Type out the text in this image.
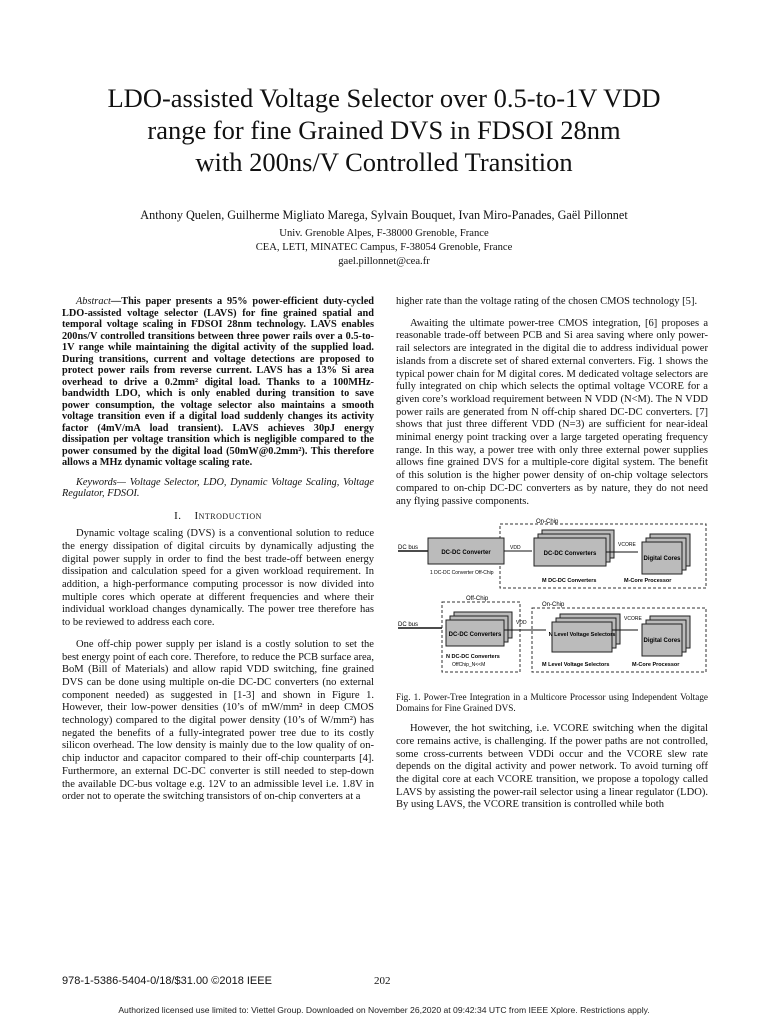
LDO-assisted Voltage Selector over 0.5-to-1V VDD
range for fine Grained DVS in FDSOI 28nm
with 200ns/V Controlled Transition
Anthony Quelen, Guilherme Migliato Marega, Sylvain Bouquet, Ivan Miro-Panades, Gaël Pillonnet
Univ. Grenoble Alpes, F-38000 Grenoble, France
CEA, LETI, MINATEC Campus, F-38054 Grenoble, France
gael.pillonnet@cea.fr

Abstract—This paper presents a 95% power-efficient duty-cycled LDO-assisted voltage selector (LAVS) for fine grained spatial and temporal voltage scaling in FDSOI 28nm technology. LAVS enables 200ns/V controlled transitions between three power rails over a 0.5-to-1V range while maintaining the digital activity of the supplied load. During transitions, current and voltage detections are proposed to protect power rails from reverse current. LAVS has a 13% Si area overhead to drive a 0.2mm² digital load. Thanks to a 100MHz-bandwidth LDO, which is only enabled during transition to save power consumption, the voltage selector also maintains a smooth voltage transition even if a digital load suddenly changes its activity factor (4mV/mA load transient). LAVS achieves 30pJ energy dissipation per voltage transition which is negligible compared to the power consumed by the digital load (50mW@0.2mm²). This therefore allows a MHz dynamic voltage scaling rate.

Keywords— Voltage Selector, LDO, Dynamic Voltage Scaling, Voltage Regulator, FDSOI.

I. Introduction

Dynamic voltage scaling (DVS) is a conventional solution to reduce the energy dissipation of digital circuits by dynamically adjusting the digital power supply in order to find the best trade-off between energy dissipation and calculation speed for a given workload requirement. In addition, a high-performance computing processor is now divided into multiple cores which operate at different frequencies and where their individual workload changes dynamically. The power tree therefore has to be reviewed to address each core.

One off-chip power supply per island is a costly solution to set the best energy point of each core. Therefore, to reduce the PCB surface area, BoM (Bill of Materials) and allow rapid VDD switching, fine grained DVS can be done using multiple on-die DC-DC converters (no external component needed) as suggested in [1-3] and shown in Figure 1. However, their low-power densities (10’s of mW/mm² in deep CMOS technology) compared to the digital power density (10’s of W/mm²) has negated the benefits of a fully-integrated power tree due to its costly silicon overhead. The low density is mainly due to the low quality of on-chip inductor and capacitor compared to their off-chip counterparts [4]. Furthermore, an external DC-DC converter is still needed to step-down the available DC-bus voltage e.g. 12V to an admissible level i.e. 1.8V in order not to operate the switching transistors of on-chip converters at a

higher rate than the voltage rating of the chosen CMOS technology [5].

Awaiting the ultimate power-tree CMOS integration, [6] proposes a reasonable trade-off between PCB and Si area saving where only power-rail selectors are integrated in the digital die to address individual power islands from a discrete set of shared external converters. Fig. 1 shows the typical power chain for M digital cores. M dedicated voltage selectors are fully integrated on chip which selects the optimal voltage VCORE for a given core’s workload requirement between N VDD (N<M). The N VDD power rails are generated from N off-chip shared DC-DC converters. [7] shows that just three different VDD (N=3) are sufficient for near-ideal minimal energy point tracking over a large targeted operating frequency range. In this way, a power tree with only three external power supplies allows fine grained DVS for a multiple-core digital system. The benefit of this solution is the higher power density of on-chip voltage selectors compared to on-chip DC-DC converters as by nature, they do not need any flying passive components.

On-Chip
DC bus
DC-DC Converter
VDD
DC-DC Converters
VCORE
Digital Cores
1 DC-DC Converter Off-Chip
M DC-DC Converters	M-Core Processor
Off-Chip
On-Chip
DC bus
DC-DC Converters
VDD
N Level Voltage Selectors
VCORE
Digital Cores
N DC-DC Converters
OffChip_N<<M	M Level Voltage Selectors	M-Core Processor
Fig. 1. Power-Tree Integration in a Multicore Processor using Independent Voltage Domains for Fine Grained DVS.

However, the hot switching, i.e. VCORE switching when the digital core remains active, is challenging. If the power paths are not controlled, some cross-currents between VDDi occur and the VCORE slew rate depends on the digital activity and power network. To avoid turning off the digital core at each VCORE transition, we propose a topology called LAVS by assisting the power-rail selector using a linear regulator (LDO). By using LAVS, the VCORE transition is controlled while both

978-1-5386-5404-0/18/$31.00 ©2018 IEEE	202
Authorized licensed use limited to: Viettel Group. Downloaded on November 26,2020 at 09:42:34 UTC from IEEE Xplore. Restrictions apply.
